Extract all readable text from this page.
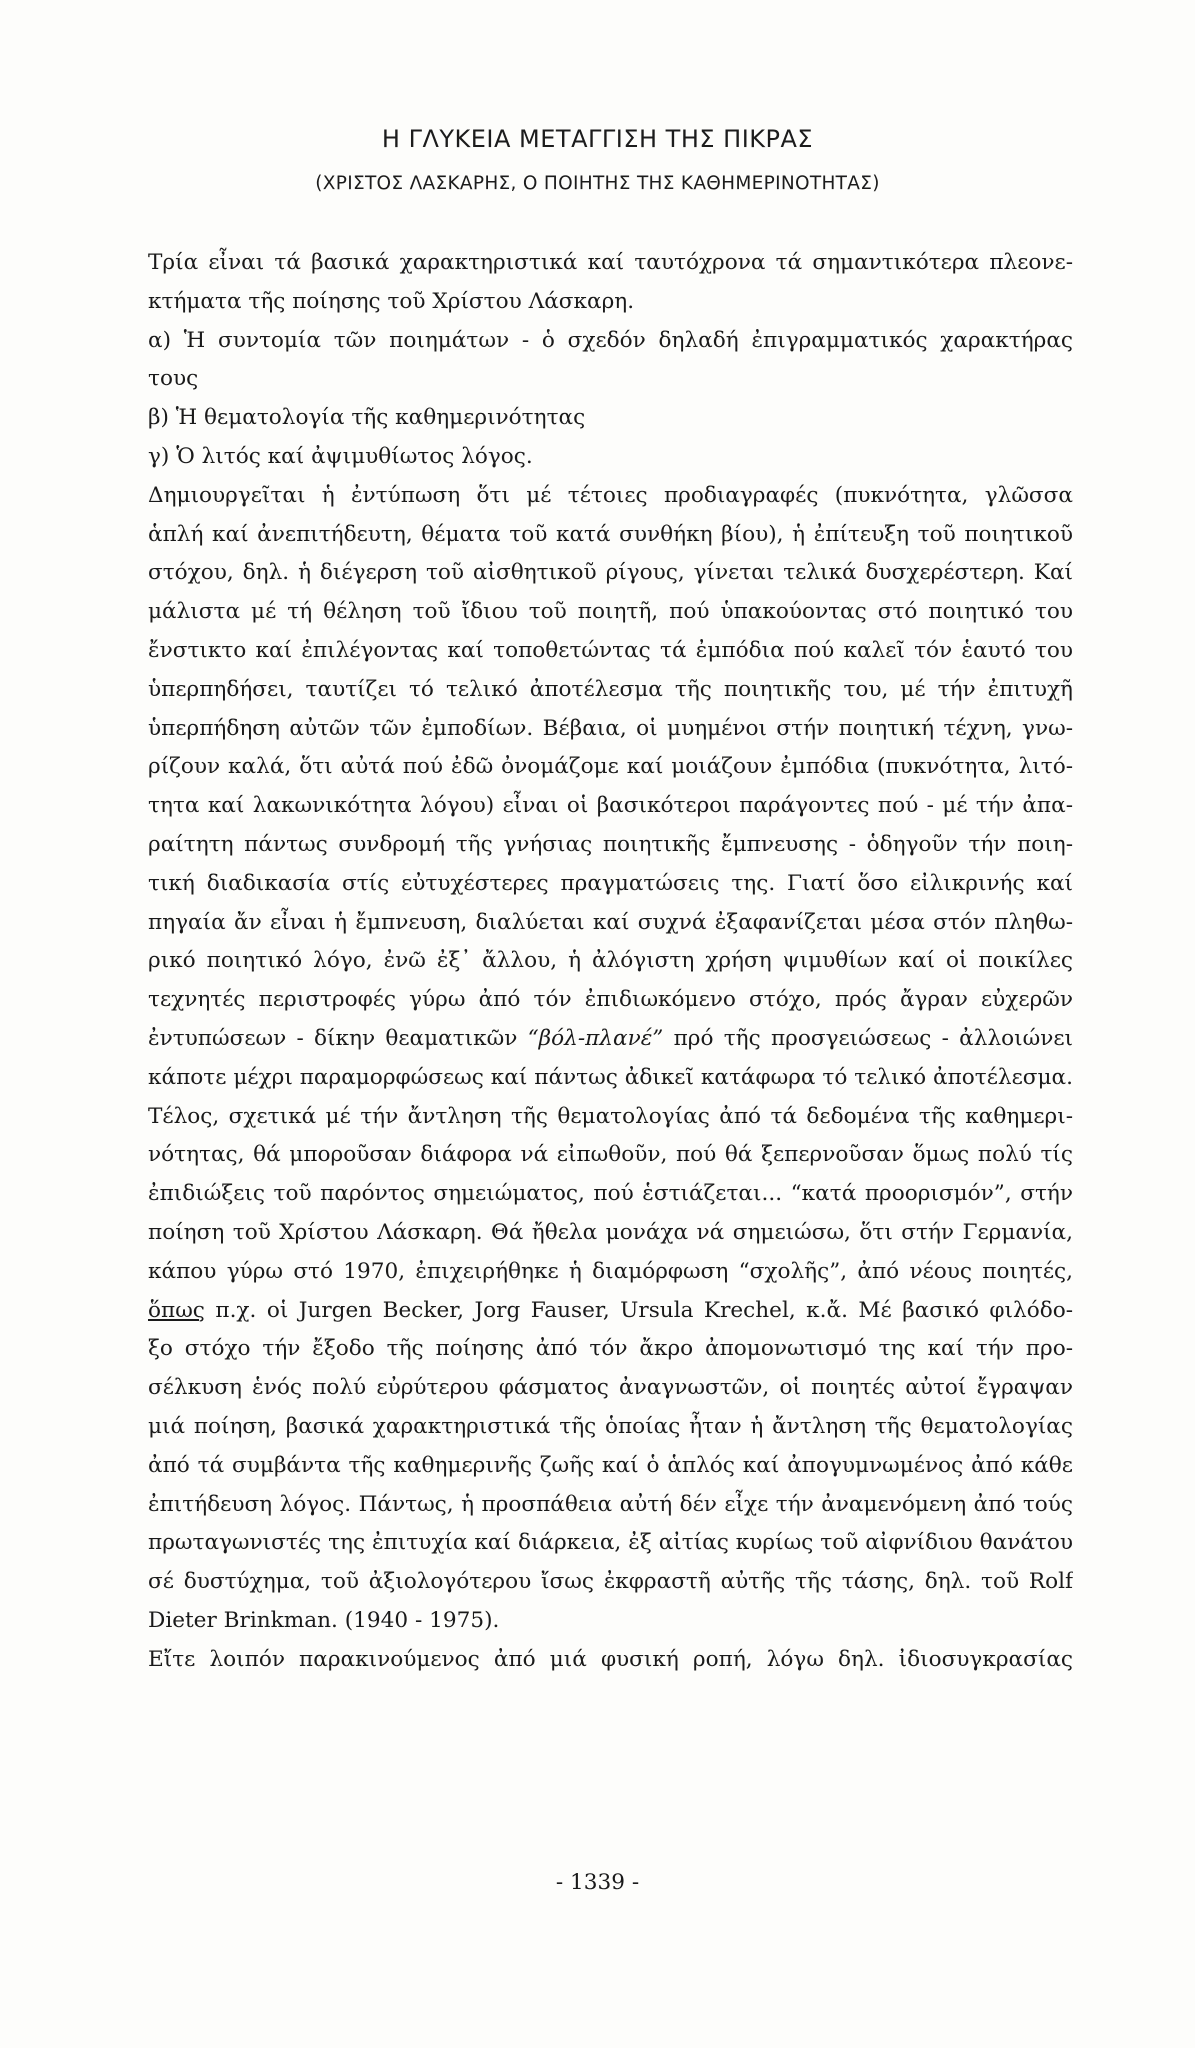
Η ΓΛΥΚΕΙΑ ΜΕΤΑΓΓΙΣΗ ΤΗΣ ΠΙΚΡΑΣ
(ΧΡΙΣΤΟΣ ΛΑΣΚΑΡΗΣ, Ο ΠΟΙΗΤΗΣ ΤΗΣ ΚΑΘΗΜΕΡΙΝΟΤΗΤΑΣ)
Τρία εἶναι τά βασικά χαρακτηριστικά καί ταυτόχρονα τά σημαντικότερα πλεονε-
κτήματα τῆς ποίησης τοῦ Χρίστου Λάσκαρη.
α) Ἡ συντομία τῶν ποιημάτων - ὁ σχεδόν δηλαδή ἐπιγραμματικός χαρακτήρας
τους
β) Ἡ θεματολογία τῆς καθημερινότητας
γ) Ὁ λιτός καί ἀψιμυθίωτος λόγος.
Δημιουργεῖται ἡ ἐντύπωση ὅτι μέ τέτοιες προδιαγραφές (πυκνότητα, γλῶσσα
ἁπλή καί ἀνεπιτήδευτη, θέματα τοῦ κατά συνθήκη βίου), ἡ ἐπίτευξη τοῦ ποιητικοῦ
στόχου, δηλ. ἡ διέγερση τοῦ αἰσθητικοῦ ρίγους, γίνεται τελικά δυσχερέστερη. Καί
μάλιστα μέ τή θέληση τοῦ ἴδιου τοῦ ποιητῆ, πού ὑπακούοντας στό ποιητικό του
ἔνστικτο καί ἐπιλέγοντας καί τοποθετώντας τά ἐμπόδια πού καλεῖ τόν ἑαυτό του
ὑπερπηδήσει, ταυτίζει τό τελικό ἀποτέλεσμα τῆς ποιητικῆς του, μέ τήν ἐπιτυχῆ
ὑπερπήδηση αὐτῶν τῶν ἐμποδίων. Βέβαια, οἱ μυημένοι στήν ποιητική τέχνη, γνω-
ρίζουν καλά, ὅτι αὐτά πού ἐδῶ ὀνομάζομε καί μοιάζουν ἐμπόδια (πυκνότητα, λιτό-
τητα καί λακωνικότητα λόγου) εἶναι οἱ βασικότεροι παράγοντες πού - μέ τήν ἀπα-
ραίτητη πάντως συνδρομή τῆς γνήσιας ποιητικῆς ἔμπνευσης - ὁδηγοῦν τήν ποιη-
τική διαδικασία στίς εὐτυχέστερες πραγματώσεις της. Γιατί ὅσο εἰλικρινής καί
πηγαία ἄν εἶναι ἡ ἔμπνευση, διαλύεται καί συχνά ἐξαφανίζεται μέσα στόν πληθω-
ρικό ποιητικό λόγο, ἐνῶ ἐξ᾽ ἄλλου, ἡ ἀλόγιστη χρήση ψιμυθίων καί οἱ ποικίλες
τεχνητές περιστροφές γύρω ἀπό τόν ἐπιδιωκόμενο στόχο, πρός ἄγραν εὐχερῶν
ἐντυπώσεων - δίκην θεαματικῶν “βόλ-πλανέ” πρό τῆς προσγειώσεως - ἀλλοιώνει
κάποτε μέχρι παραμορφώσεως καί πάντως ἀδικεῖ κατάφωρα τό τελικό ἀποτέλεσμα.
Τέλος, σχετικά μέ τήν ἄντληση τῆς θεματολογίας ἀπό τά δεδομένα τῆς καθημερι-
νότητας, θά μποροῦσαν διάφορα νά εἰπωθοῦν, πού θά ξεπερνοῦσαν ὅμως πολύ τίς
ἐπιδιώξεις τοῦ παρόντος σημειώματος, πού ἑστιάζεται... “κατά προορισμόν”, στήν
ποίηση τοῦ Χρίστου Λάσκαρη. Θά ἤθελα μονάχα νά σημειώσω, ὅτι στήν Γερμανία,
κάπου γύρω στό 1970, ἐπιχειρήθηκε ἡ διαμόρφωση “σχολῆς”, ἀπό νέους ποιητές,
ὅπως π.χ. οἱ Jurgen Becker, Jorg Fauser, Ursula Krechel, κ.ἄ. Μέ βασικό φιλόδο-
ξο στόχο τήν ἔξοδο τῆς ποίησης ἀπό τόν ἄκρο ἀπομονωτισμό της καί τήν προ-
σέλκυση ἑνός πολύ εὐρύτερου φάσματος ἀναγνωστῶν, οἱ ποιητές αὐτοί ἔγραψαν
μιά ποίηση, βασικά χαρακτηριστικά τῆς ὁποίας ἦταν ἡ ἄντληση τῆς θεματολογίας
ἀπό τά συμβάντα τῆς καθημερινῆς ζωῆς καί ὁ ἁπλός καί ἀπογυμνωμένος ἀπό κάθε
ἐπιτήδευση λόγος. Πάντως, ἡ προσπάθεια αὐτή δέν εἶχε τήν ἀναμενόμενη ἀπό τούς
πρωταγωνιστές της ἐπιτυχία καί διάρκεια, ἐξ αἰτίας κυρίως τοῦ αἰφνίδιου θανάτου
σέ δυστύχημα, τοῦ ἀξιολογότερου ἴσως ἐκφραστῆ αὐτῆς τῆς τάσης, δηλ. τοῦ Rolf
Dieter Brinkman. (1940 - 1975).
Εἴτε λοιπόν παρακινούμενος ἀπό μιά φυσική ροπή, λόγω δηλ. ἰδιοσυγκρασίας
- 1339 -
